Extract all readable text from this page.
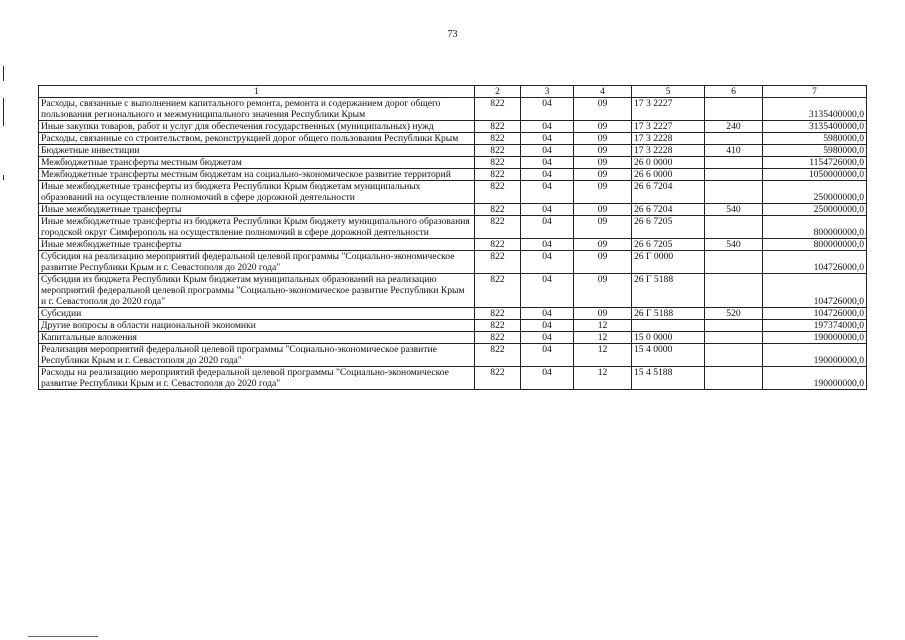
73
1	2	3	4	5	6	7
Расходы, связанные с выполнением капитального ремонта, ремонта и содержанием дорог общего пользования регионального и межмуниципального значения Республики Крым	822	04	09	17 3 2227		3135400000,0
Иные закупки товаров, работ и услуг для обеспечения государственных (муниципальных) нужд	822	04	09	17 3 2227	240	3135400000,0
Расходы, связанные со строительством, реконструкцией дорог общего пользования Республики Крым	822	04	09	17 3 2228		5980000,0
Бюджетные инвестиции	822	04	09	17 3 2228	410	5980000,0
Межбюджетные трансферты местным бюджетам	822	04	09	26 0 0000		1154726000,0
Межбюджетные трансферты местным бюджетам на социально-экономическое развитие территорий	822	04	09	26 6 0000		1050000000,0
Иные межбюджетные трансферты из бюджета Республики Крым бюджетам муниципальных образований на осуществление полномочий в сфере дорожной деятельности	822	04	09	26 6 7204		250000000,0
Иные межбюджетные трансферты	822	04	09	26 6 7204	540	250000000,0
Иные межбюджетные трансферты из бюджета Республики Крым бюджету муниципального образования городской округ Симферополь на осуществление полномочий в сфере дорожной деятельности	822	04	09	26 6 7205		800000000,0
Иные межбюджетные трансферты	822	04	09	26 6 7205	540	800000000,0
Субсидия на реализацию мероприятий федеральной целевой программы "Социально-экономическое развитие Республики Крым и г. Севастополя до 2020 года"	822	04	09	26 Г 0000		104726000,0
Субсидия из бюджета Республики Крым бюджетам муниципальных образований на реализацию мероприятий федеральной целевой программы "Социально-экономическое развитие Республики Крым и г. Севастополя до 2020 года"	822	04	09	26 Г 5188		104726000,0
Субсидии	822	04	09	26 Г 5188	520	104726000,0
Другие вопросы в области национальной экономики	822	04	12			197374000,0
Капитальные вложения	822	04	12	15 0 0000		190000000,0
Реализация мероприятий федеральной целевой программы "Социально-экономическое развитие Республики Крым и г. Севастополя до 2020 года"	822	04	12	15 4 0000		190000000,0
Расходы на реализацию мероприятий федеральной целевой программы "Социально-экономическое развитие Республики Крым и г. Севастополя до 2020 года"	822	04	12	15 4 5188		190000000,0
